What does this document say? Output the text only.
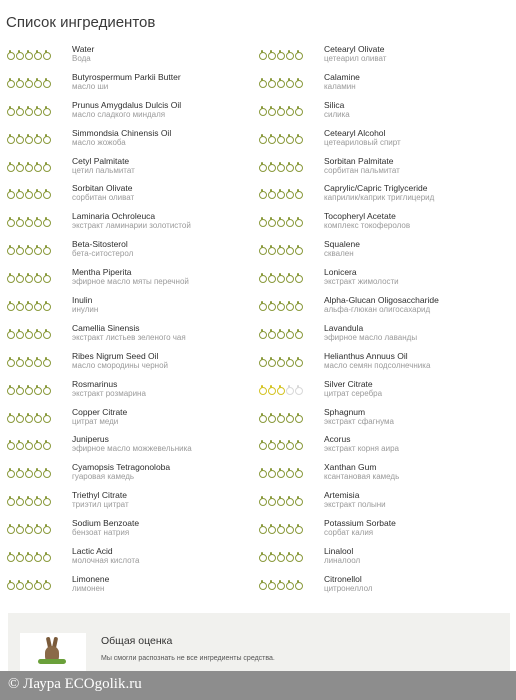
Список ингредиентов
Water
Вода
Butyrospermum Parkii Butter
масло ши
Prunus Amygdalus Dulcis Oil
масло сладкого миндаля
Simmondsia Chinensis Oil
масло жожоба
Cetyl Palmitate
цетил пальмитат
Sorbitan Olivate
сорбитан оливат
Laminaria Ochroleuca
экстракт ламинарии золотистой
Beta-Sitosterol
бета-ситостерол
Mentha Piperita
эфирное масло мяты перечной
Inulin
инулин
Camellia Sinensis
экстракт листьев зеленого чая
Ribes Nigrum Seed Oil
масло смородины черной
Rosmarinus
экстракт розмарина
Copper Citrate
цитрат меди
Juniperus
эфирное масло можжевельника
Cyamopsis Tetragonoloba
гуаровая камедь
Triethyl Citrate
триэтил цитрат
Sodium Benzoate
бензоат натрия
Lactic Acid
молочная кислота
Limonene
лимонен
Cetearyl Olivate
цетеарил оливат
Calamine
каламин
Silica
силика
Cetearyl Alcohol
цетеариловый спирт
Sorbitan Palmitate
сорбитан пальмитат
Caprylic/Capric Triglyceride
каприлик/каприк триглицерид
Tocopheryl Acetate
комплекс токоферолов
Squalene
сквален
Lonicera
экстракт жимолости
Alpha-Glucan Oligosaccharide
альфа-глюкан олигосахарид
Lavandula
эфирное масло лаванды
Helianthus Annuus Oil
масло семян подсолнечника
Silver Citrate
цитрат серебра
Sphagnum
экстракт сфагнума
Acorus
экстракт корня аира
Xanthan Gum
ксантановая камедь
Artemisia
экстракт полыни
Potassium Sorbate
сорбат калия
Linalool
линалоол
Citronellol
цитронеллол
Общая оценка
Мы смогли распознать не все ингредиенты средства.
© Лаура ECOgolik.ru
